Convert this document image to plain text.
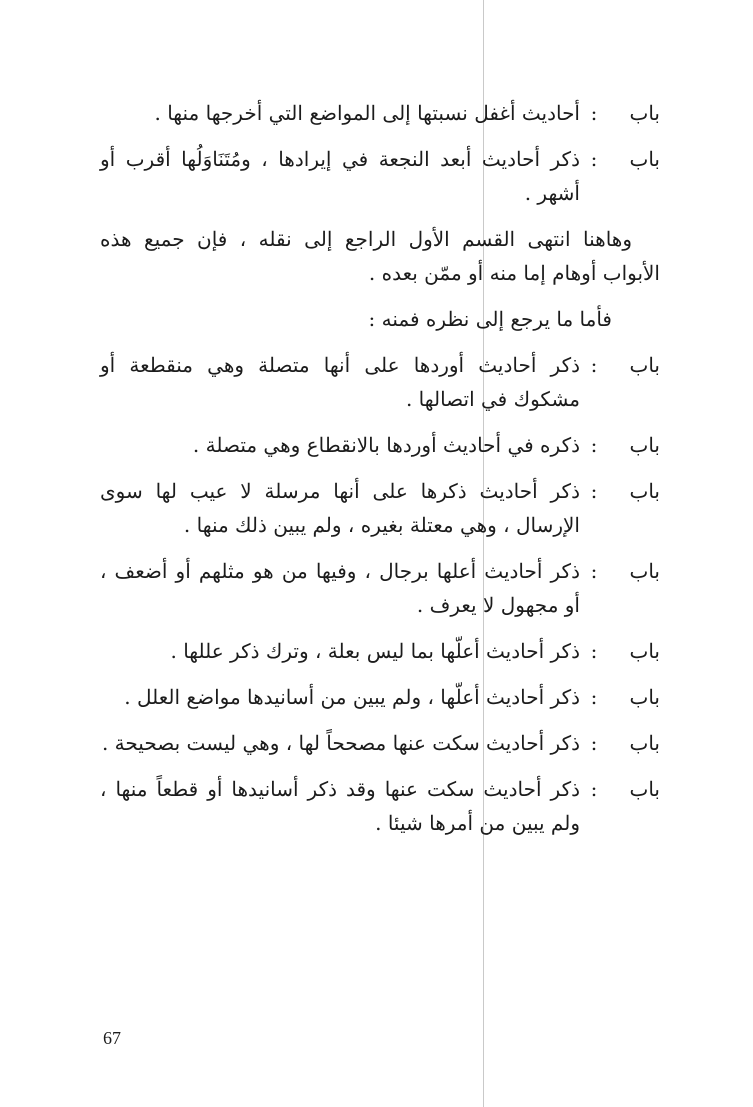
باب
:
أحاديث أغفل نسبتها إلى المواضع التي أخرجها منها .
باب
:
ذكر أحاديث أبعد النجعة في إيرادها ، ومُتَنَاوَلُها أقرب أو أشهر .
وهاهنا انتهى القسم الأول الراجع إلى نقله ، فإن جميع هذه الأبواب أوهام إما منه أو ممّن بعده .
فأما ما يرجع إلى نظره فمنه :
باب
:
ذكر أحاديث أوردها على أنها متصلة وهي منقطعة أو مشكوك في اتصالها .
باب
:
ذكره في أحاديث أوردها بالانقطاع وهي متصلة .
باب
:
ذكر أحاديث ذكرها على أنها مرسلة لا عيب لها سوى الإرسال ، وهي معتلة بغيره ، ولم يبين ذلك منها .
باب
:
ذكر أحاديث أعلها برجال ، وفيها من هو مثلهم أو أضعف ، أو مجهول لا يعرف .
باب
:
ذكر أحاديث أعلّها بما ليس بعلة ، وترك ذكر عللها .
باب
:
ذكر أحاديث أعلّها ، ولم يبين من أسانيدها مواضع العلل .
باب
:
ذكر أحاديث سكت عنها مصححاً لها ، وهي ليست بصحيحة .
باب
:
ذكر أحاديث سكت عنها وقد ذكر أسانيدها أو قطعاً منها ، ولم يبين من أمرها شيئا .
67
